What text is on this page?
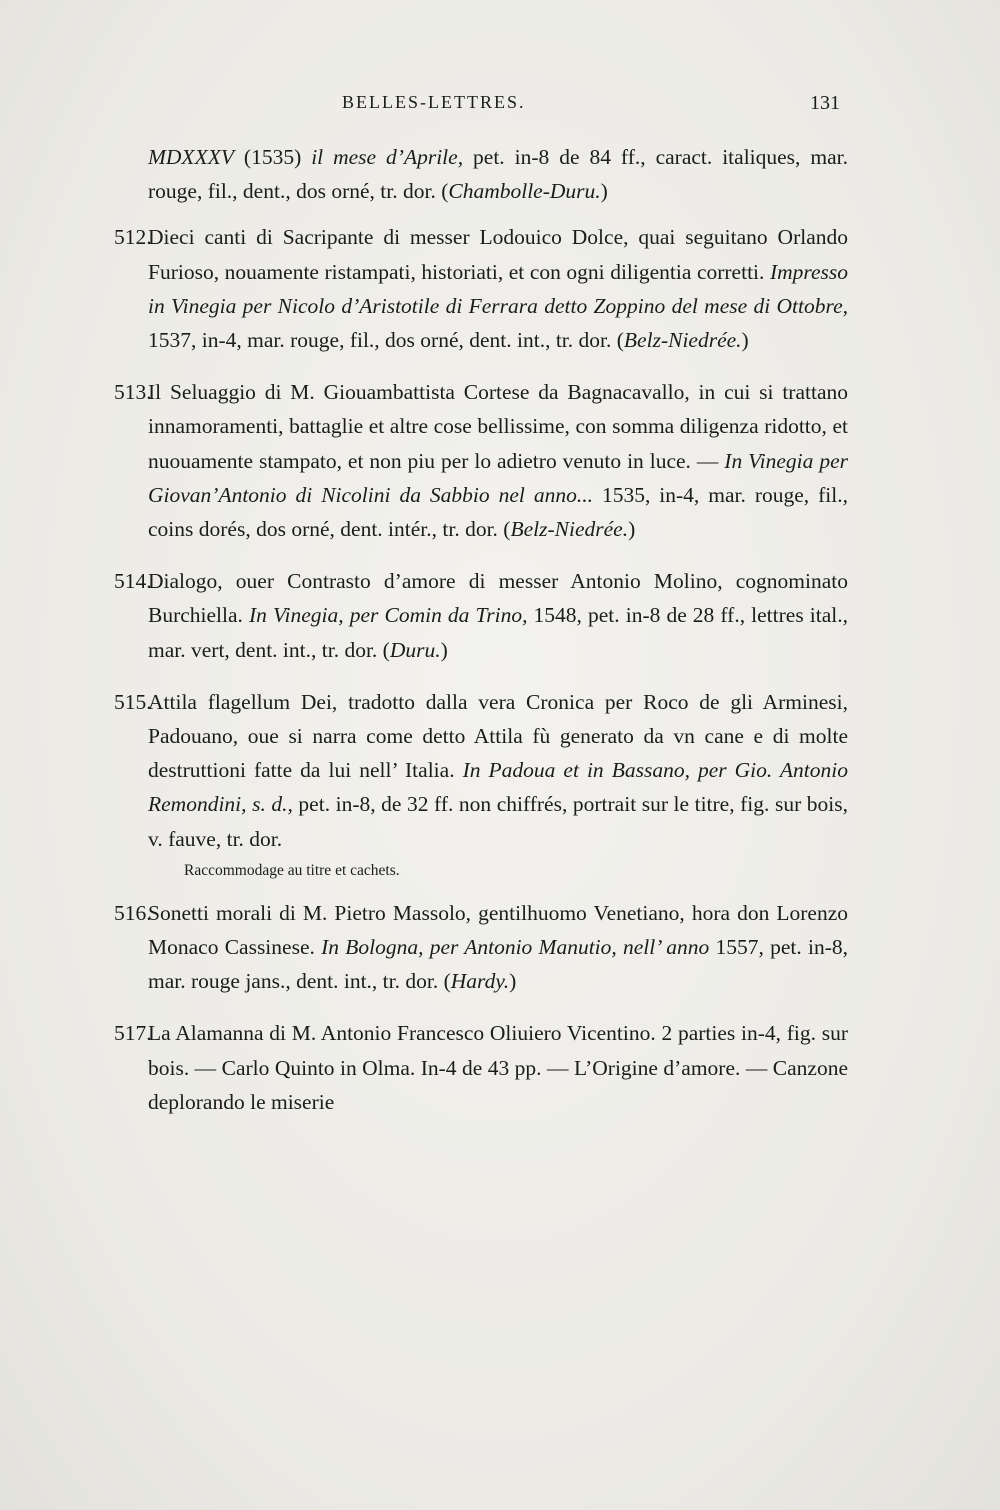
BELLES-LETTRES.	131

MDXXXV (1535) il mese d’Aprile, pet. in-8 de 84 ff., caract. italiques, mar. rouge, fil., dent., dos orné, tr. dor. (Chambolle-Duru.)

512.

Dieci canti di Sacripante di messer Lodouico Dolce, quai seguitano Orlando Furioso, nouamente ristampati, historiati, et con ogni diligentia corretti. Impresso in Vinegia per Nicolo d’Aristotile di Ferrara detto Zoppino del mese di Ottobre, 1537, in-4, mar. rouge, fil., dos orné, dent. int., tr. dor. (Belz-Niedrée.)

513.

Il Seluaggio di M. Giouambattista Cortese da Bagnacavallo, in cui si trattano innamoramenti, battaglie et altre cose bellissime, con somma diligenza ridotto, et nuouamente stampato, et non piu per lo adietro venuto in luce. — In Vinegia per Giovan’Antonio di Nicolini da Sabbio nel anno... 1535, in-4, mar. rouge, fil., coins dorés, dos orné, dent. intér., tr. dor. (Belz-Niedrée.)

514.

Dialogo, ouer Contrasto d’amore di messer Antonio Molino, cognominato Burchiella. In Vinegia, per Comin da Trino, 1548, pet. in-8 de 28 ff., lettres ital., mar. vert, dent. int., tr. dor. (Duru.)

515.

Attila flagellum Dei, tradotto dalla vera Cronica per Roco de gli Arminesi, Padouano, oue si narra come detto Attila fù generato da vn cane e di molte destruttioni fatte da lui nell’ Italia. In Padoua et in Bassano, per Gio. Antonio Remondini, s. d., pet. in-8, de 32 ff. non chiffrés, portrait sur le titre, fig. sur bois, v. fauve, tr. dor.

Raccommodage au titre et cachets.

516.

Sonetti morali di M. Pietro Massolo, gentilhuomo Venetiano, hora don Lorenzo Monaco Cassinese. In Bologna, per Antonio Manutio, nell’ anno 1557, pet. in-8, mar. rouge jans., dent. int., tr. dor. (Hardy.)

517.

La Alamanna di M. Antonio Francesco Oliuiero Vicentino. 2 parties in-4, fig. sur bois. — Carlo Quinto in Olma. In-4 de 43 pp. — L’Origine d’amore. — Canzone deplorando le miserie
